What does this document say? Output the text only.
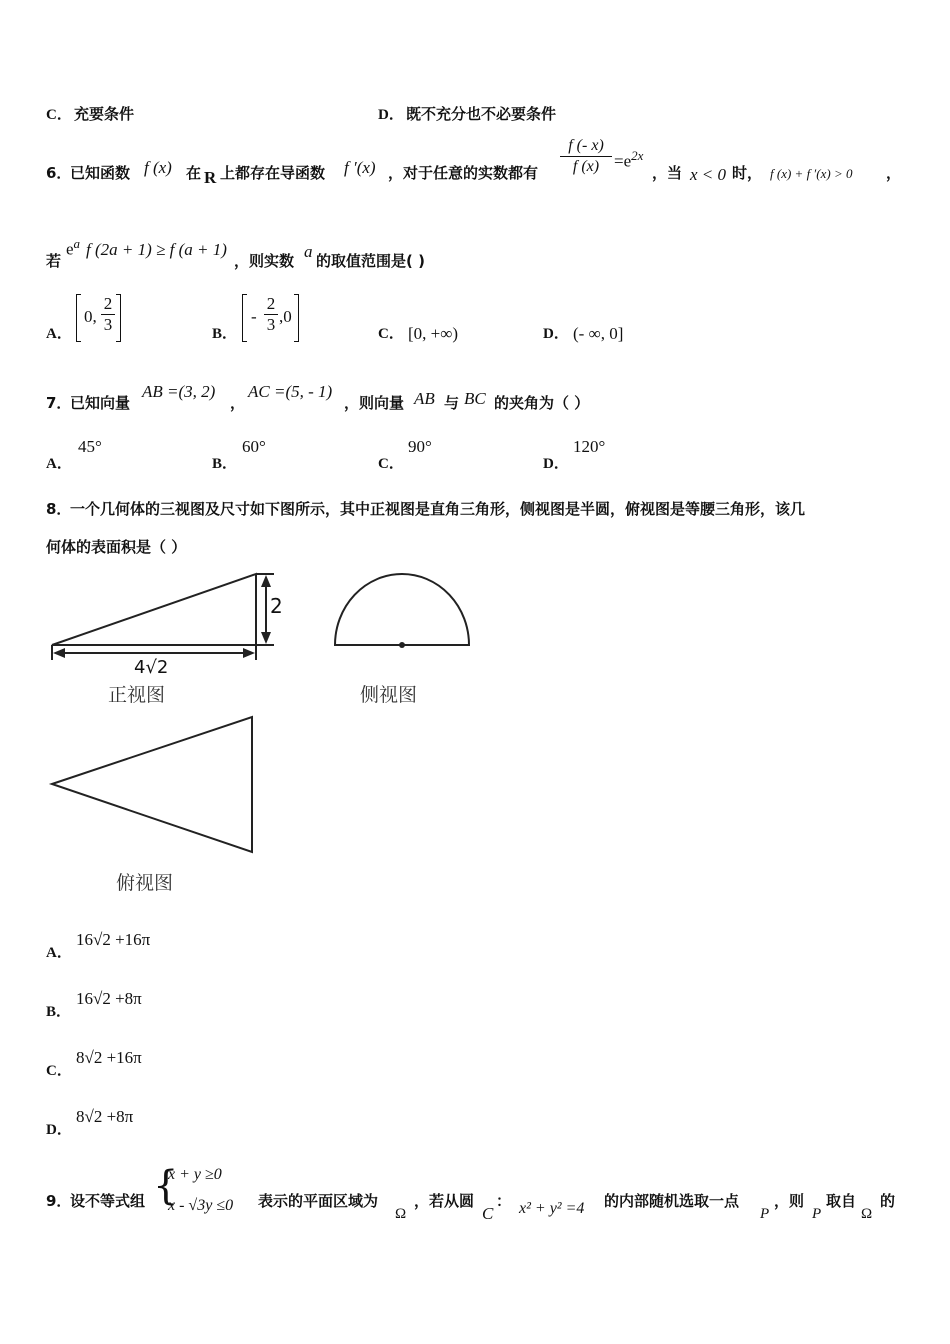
C． 充要条件	D． 既不充分也不必要条件
6．
已知函数 f (x) 在 R 上都存在导函数 f ′(x) ，对于任意的实数都有
f (- x)
f $(x) =e^{2x}$
，当 x < 0 时， f (x) + f ′(x) > 0 ，
若
$e^a$ f (2a + 1) ≥ f (a + 1)
，则实数 a 的取值范围是( )
A．
0,
2
3	B．
-
2
3 ,0
C． [0, +∞)	D． (- ∞, 0]
7．
已知向量
AB =(3, 2)
，
AC =(5, - 1)
，则向量 AB 与 BC 的夹角为（ ）
A．
45°
B．
60°
C．
90°
D．
120°
8．
一个几何体的三视图及尺寸如下图所示，其中正视图是直角三角形，侧视图是半圆，俯视图是等腰三角形，该几
何体的表面积是（ ）
2
4√2
正视图	侧视图
俯视图
A．
16√2 +16π
B．
16√2 +8π
C．
8√2 +16π
D．
8√2 +8π
9．
设不等式组 {
x + y ≥0
x - √3y ≤0 表示的平面区域为
Ω
，若从圆
C
： x² + y² =4 的内部随机选取一点
P
，则
P
取自
Ω
的
